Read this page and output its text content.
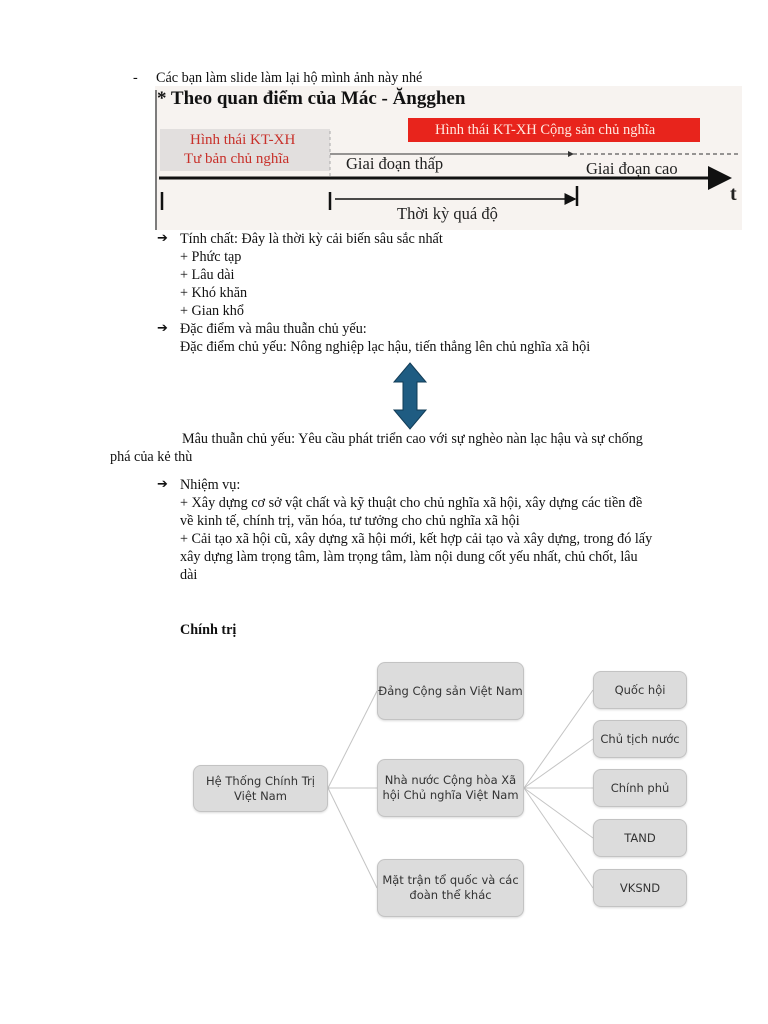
- Các bạn làm slide làm lại hộ mình ảnh này nhé
* Theo quan điểm của Mác - Ăngghen
Hình thái KT-XH
Tư bản chủ nghĩa
Hình thái KT-XH Cộng sản chủ nghĩa
Giai đoạn thấp	Giai đoạn cao
t
Thời kỳ quá độ
➔ Tính chất: Đây là thời kỳ cải biến sâu sắc nhất
+ Phức tạp
+ Lâu dài
+ Khó khăn
+ Gian khổ
➔ Đặc điểm và mâu thuẫn chủ yếu:
Đặc điểm chủ yếu: Nông nghiệp lạc hậu, tiến thẳng lên chủ nghĩa xã hội
Mâu thuẫn chủ yếu: Yêu cầu phát triển cao với sự nghèo nàn lạc hậu và sự chống
phá của kẻ thù
➔ Nhiệm vụ:
+ Xây dựng cơ sở vật chất và kỹ thuật cho chủ nghĩa xã hội, xây dựng các tiền đề
về kinh tế, chính trị, văn hóa, tư tưởng cho chủ nghĩa xã hội
+ Cải tạo xã hội cũ, xây dựng xã hội mới, kết hợp cải tạo và xây dựng, trong đó lấy
xây dựng làm trọng tâm, làm trọng tâm, làm nội dung cốt yếu nhất, chủ chốt, lâu
dài
Chính trị
Hệ Thống Chính Trị
Việt Nam
Đảng Cộng sản Việt Nam
Nhà nước Cộng hòa Xã
hội Chủ nghĩa Việt Nam
Mặt trận tổ quốc và các
đoàn thể khác
Quốc hội
Chủ tịch nước
Chính phủ
TAND
VKSND
